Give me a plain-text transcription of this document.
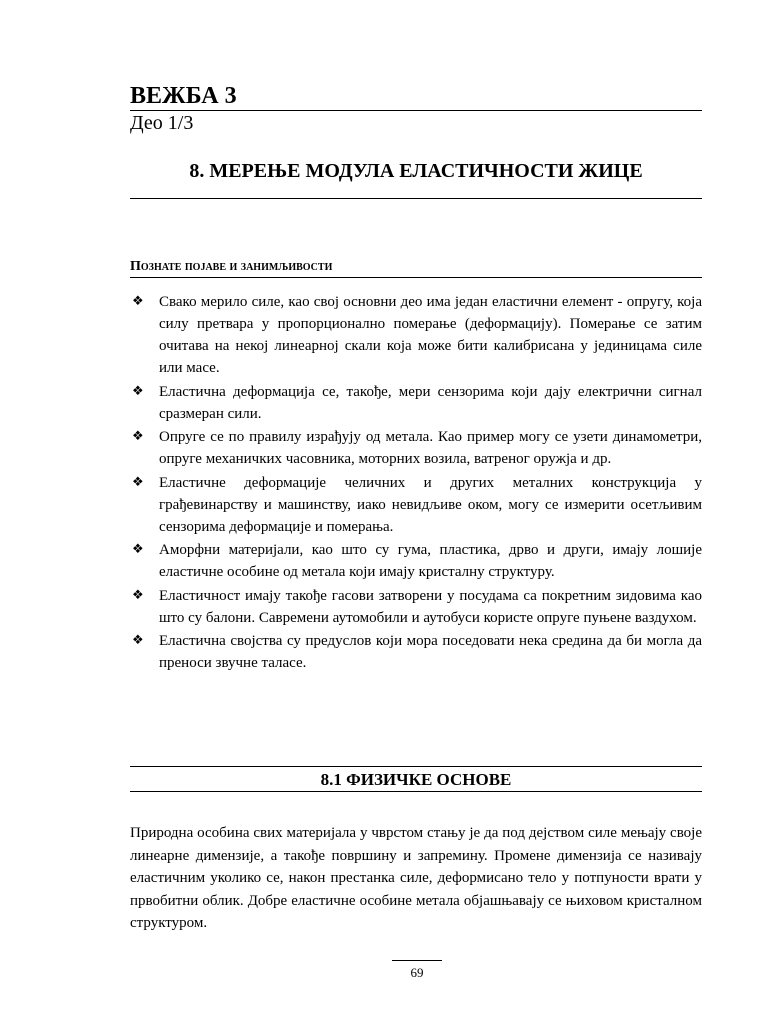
ВЕЖБА 3
Део 1/3
8. МЕРЕЊЕ МОДУЛА ЕЛАСТИЧНОСТИ ЖИЦЕ
Познате појаве и занимљивости
❖ Свако мерило силе, као свој основни део има један еластични елемент - опругу, која силу претвара у пропорционално померање (деформацију). Померање се затим очитава на некој линеарној скали која може бити калибрисана у јединицама силе или масе.
❖ Еластична деформација се, такође, мери сензорима који дају електрични сигнал сразмеран сили.
❖ Опруге се по правилу израђују од метала. Као пример могу се узети динамометри, опруге механичких часовника, моторних возила, ватреног оружја и др.
❖ Еластичне деформације челичних и других металних конструкција у грађевинарству и машинству, иако невидљиве оком, могу се измерити осетљивим сензорима деформације и померања.
❖ Аморфни материјали, као што су гума, пластика, дрво и други, имају лошије еластичне особине од метала који имају кристалну структуру.
❖ Еластичност имају такође гасови затворени у посудама са покретним зидовима као што су балони. Савремени аутомобили и аутобуси користе опруге пуњене ваздухом.
❖ Еластична својства су предуслов који мора поседовати нека средина да би могла да преноси звучне таласе.
8.1 ФИЗИЧКЕ ОСНОВЕ

Природна особина свих материјала у чврстом стању је да под дејством силе мењају своје линеарне димензије, а такође површину и запремину. Промене димензија се називају еластичним уколико се, након престанка силе, деформисано тело у потпуности врати у првобитни облик. Добре еластичне особине метала објашњавају се њиховом кристалном структуром.

69
